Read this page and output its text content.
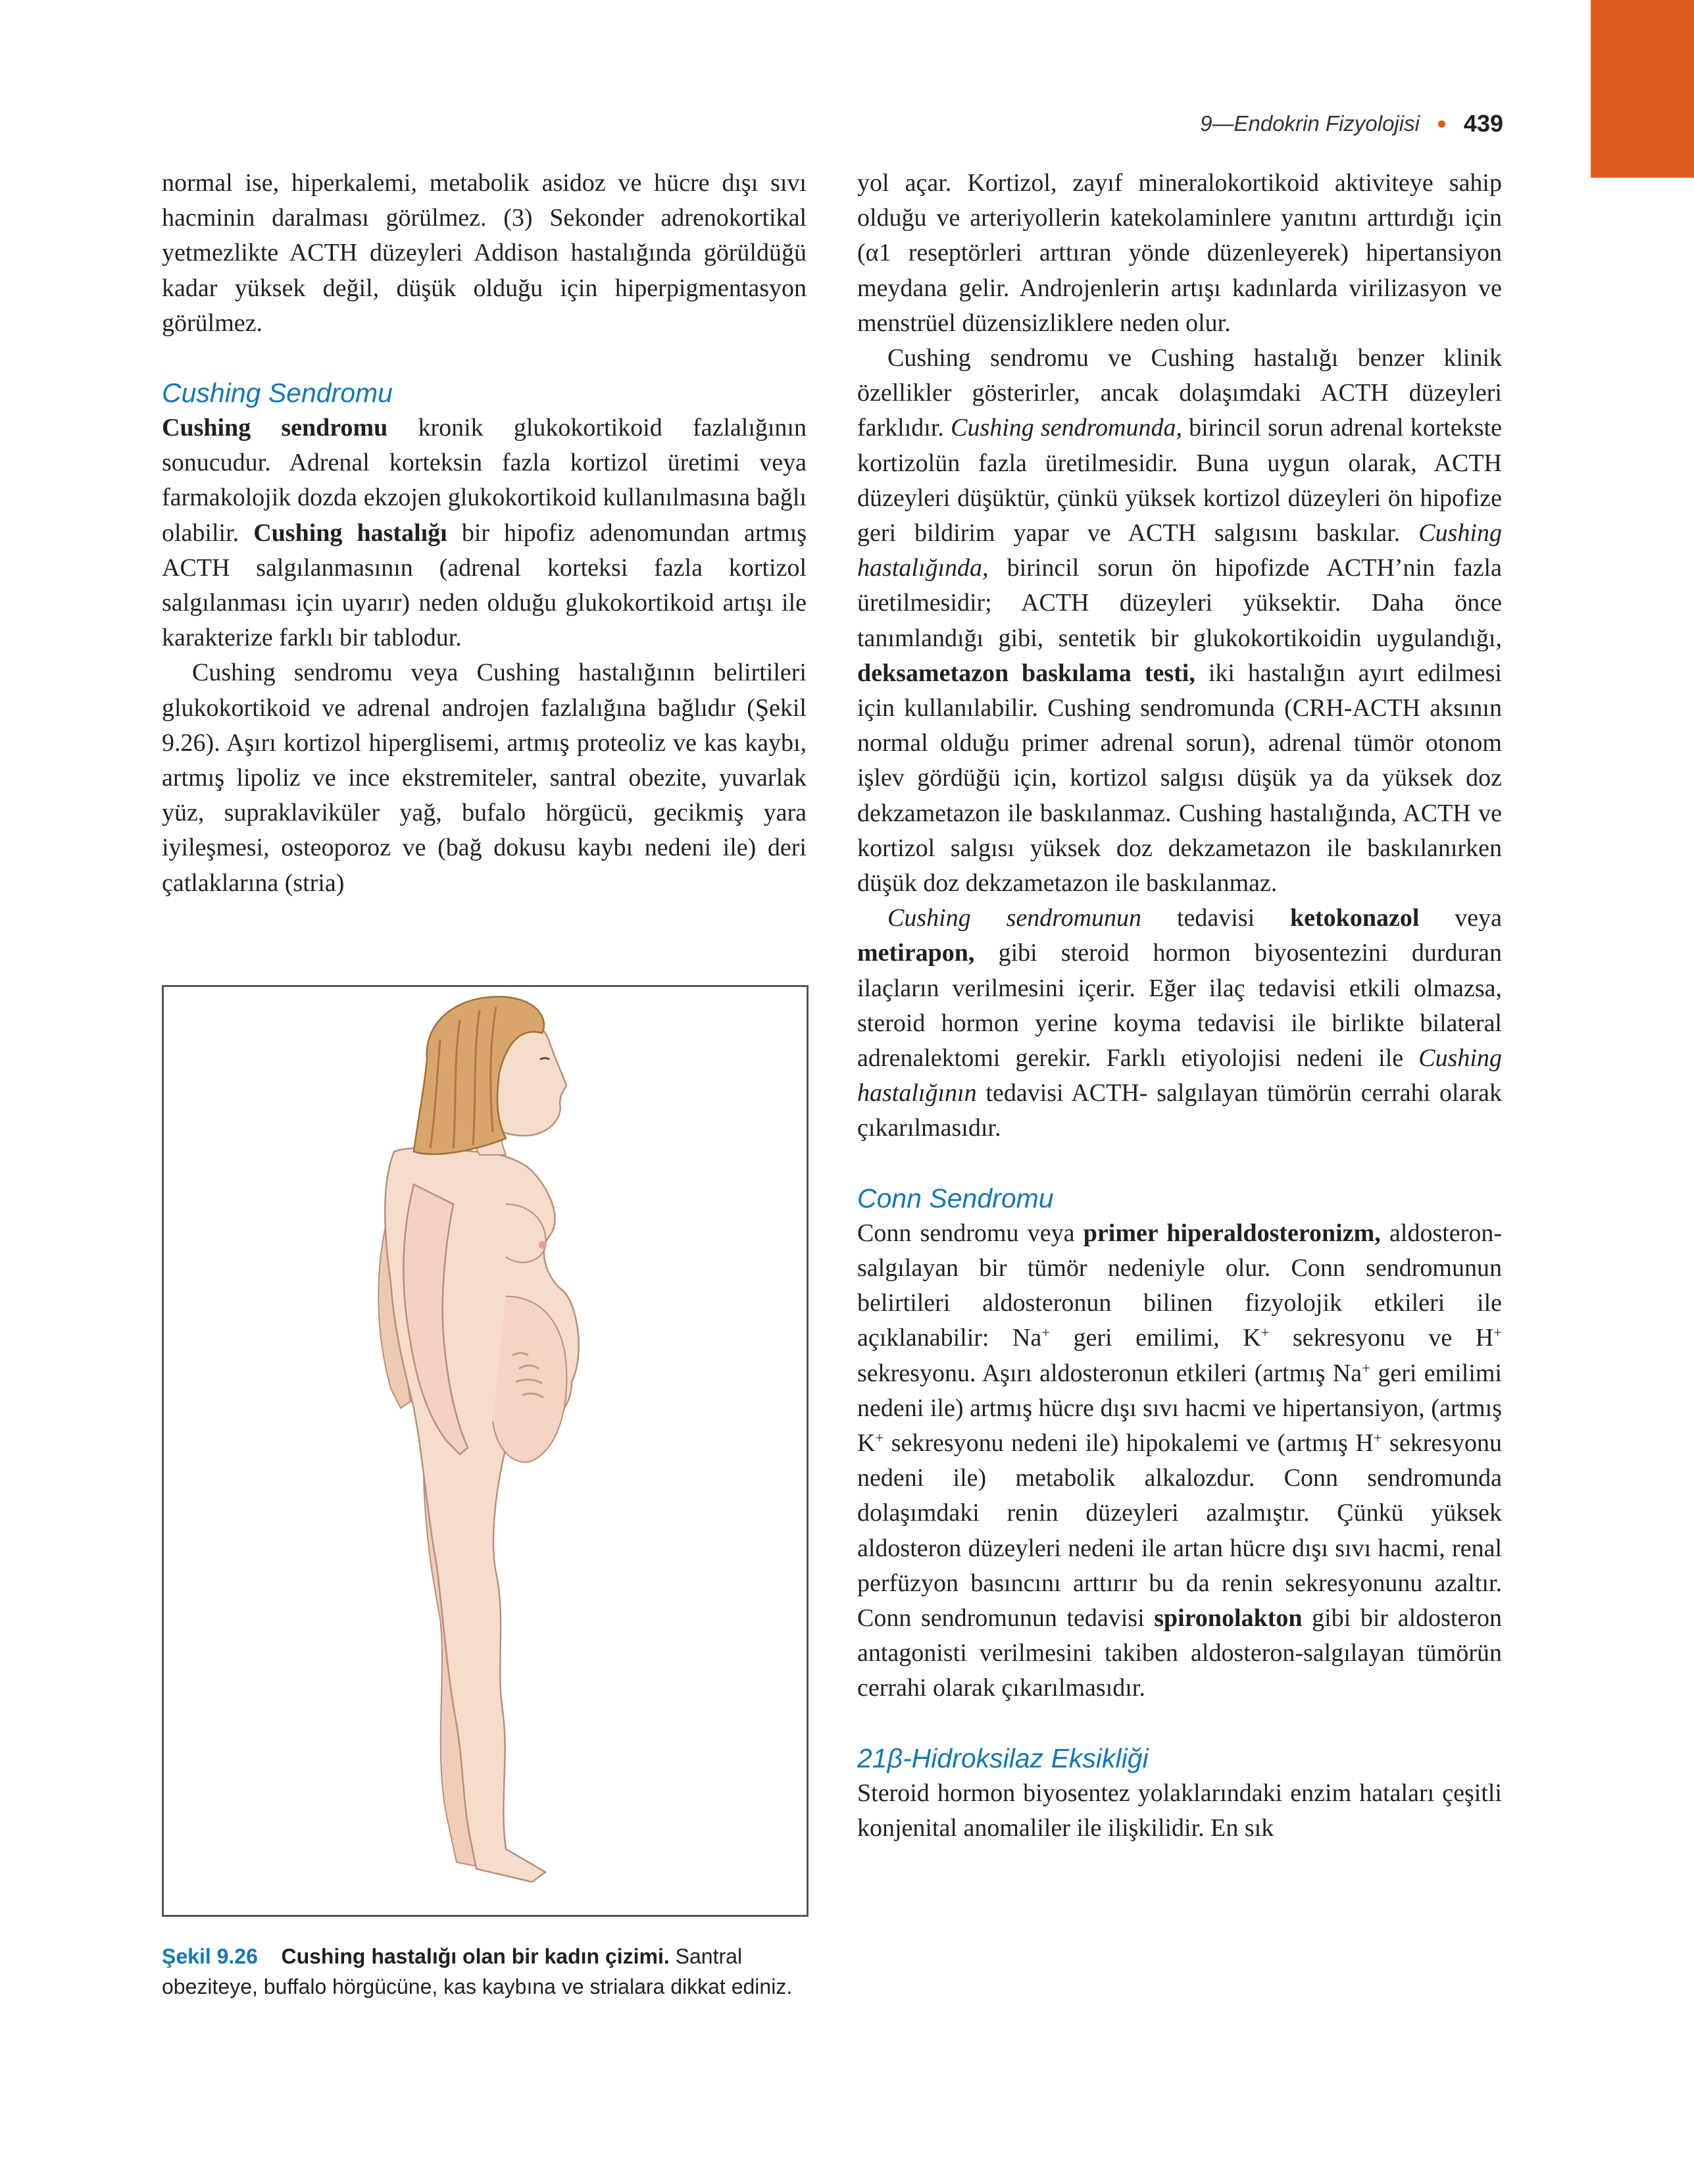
9—Endokrin Fizyolojisi 439

normal ise, hiperkalemi, metabolik asidoz ve hücre dışı sıvı hacminin daralması görülmez. (3) Sekonder adrenokortikal yetmezlikte ACTH düzeyleri Addison hastalığında görüldüğü kadar yüksek değil, düşük olduğu için hiperpigmentasyon görülmez.

Cushing Sendromu

Cushing sendromu kronik glukokortikoid fazlalığının sonucudur. Adrenal korteksin fazla kortizol üretimi veya farmakolojik dozda ekzojen glukokortikoid kullanılmasına bağlı olabilir. Cushing hastalığı bir hipofiz adenomundan artmış ACTH salgılanmasının (adrenal korteksi fazla kortizol salgılanması için uyarır) neden olduğu glukokortikoid artışı ile karakterize farklı bir tablodur.

Cushing sendromu veya Cushing hastalığının belirtileri glukokortikoid ve adrenal androjen fazlalığına bağlıdır (Şekil 9.26). Aşırı kortizol hiperglisemi, artmış proteoliz ve kas kaybı, artmış lipoliz ve ince ekstremiteler, santral obezite, yuvarlak yüz, supraklaviküler yağ, bufalo hörgücü, gecikmiş yara iyileşmesi, osteoporoz ve (bağ dokusu kaybı nedeni ile) deri çatlaklarına (stria)

Şekil 9.26 Cushing hastalığı olan bir kadın çizimi. Santral obeziteye, buffalo hörgücüne, kas kaybına ve strialara dikkat ediniz.

yol açar. Kortizol, zayıf mineralokortikoid aktiviteye sahip olduğu ve arteriyollerin katekolaminlere yanıtını arttırdığı için (α1 reseptörleri arttıran yönde düzenleyerek) hipertansiyon meydana gelir. Androjenlerin artışı kadınlarda virilizasyon ve menstrüel düzensizliklere neden olur.

Cushing sendromu ve Cushing hastalığı benzer klinik özellikler gösterirler, ancak dolaşımdaki ACTH düzeyleri farklıdır. Cushing sendromunda, birincil sorun adrenal kortekste kortizolün fazla üretilmesidir. Buna uygun olarak, ACTH düzeyleri düşüktür, çünkü yüksek kortizol düzeyleri ön hipofize geri bildirim yapar ve ACTH salgısını baskılar. Cushing hastalığında, birincil sorun ön hipofizde ACTH’nin fazla üretilmesidir; ACTH düzeyleri yüksektir. Daha önce tanımlandığı gibi, sentetik bir glukokortikoidin uygulandığı, deksametazon baskılama testi, iki hastalığın ayırt edilmesi için kullanılabilir. Cushing sendromunda (CRH-ACTH aksının normal olduğu primer adrenal sorun), adrenal tümör otonom işlev gördüğü için, kortizol salgısı düşük ya da yüksek doz dekzametazon ile baskılanmaz. Cushing hastalığında, ACTH ve kortizol salgısı yüksek doz dekzametazon ile baskılanırken düşük doz dekzametazon ile baskılanmaz.

Cushing sendromunun tedavisi ketokonazol veya metirapon, gibi steroid hormon biyosentezini durduran ilaçların verilmesini içerir. Eğer ilaç tedavisi etkili olmazsa, steroid hormon yerine koyma tedavisi ile birlikte bilateral adrenalektomi gerekir. Farklı etiyolojisi nedeni ile Cushing hastalığının tedavisi ACTH- salgılayan tümörün cerrahi olarak çıkarılmasıdır.

Conn Sendromu

Conn sendromu veya primer hiperaldosteronizm, aldosteron-salgılayan bir tümör nedeniyle olur. Conn sendromunun belirtileri aldosteronun bilinen fizyolojik etkileri ile açıklanabilir: Na+ geri emilimi, K+ sekresyonu ve H+ sekresyonu. Aşırı aldosteronun etkileri (artmış Na+ geri emilimi nedeni ile) artmış hücre dışı sıvı hacmi ve hipertansiyon, (artmış K+ sekresyonu nedeni ile) hipokalemi ve (artmış H+ sekresyonu nedeni ile) metabolik alkalozdur. Conn sendromunda dolaşımdaki renin düzeyleri azalmıştır. Çünkü yüksek aldosteron düzeyleri nedeni ile artan hücre dışı sıvı hacmi, renal perfüzyon basıncını arttırır bu da renin sekresyonunu azaltır. Conn sendromunun tedavisi spironolakton gibi bir aldosteron antagonisti verilmesini takiben aldosteron-salgılayan tümörün cerrahi olarak çıkarılmasıdır.

21β-Hidroksilaz Eksikliği

Steroid hormon biyosentez yolaklarındaki enzim hataları çeşitli konjenital anomaliler ile ilişkilidir. En sık
